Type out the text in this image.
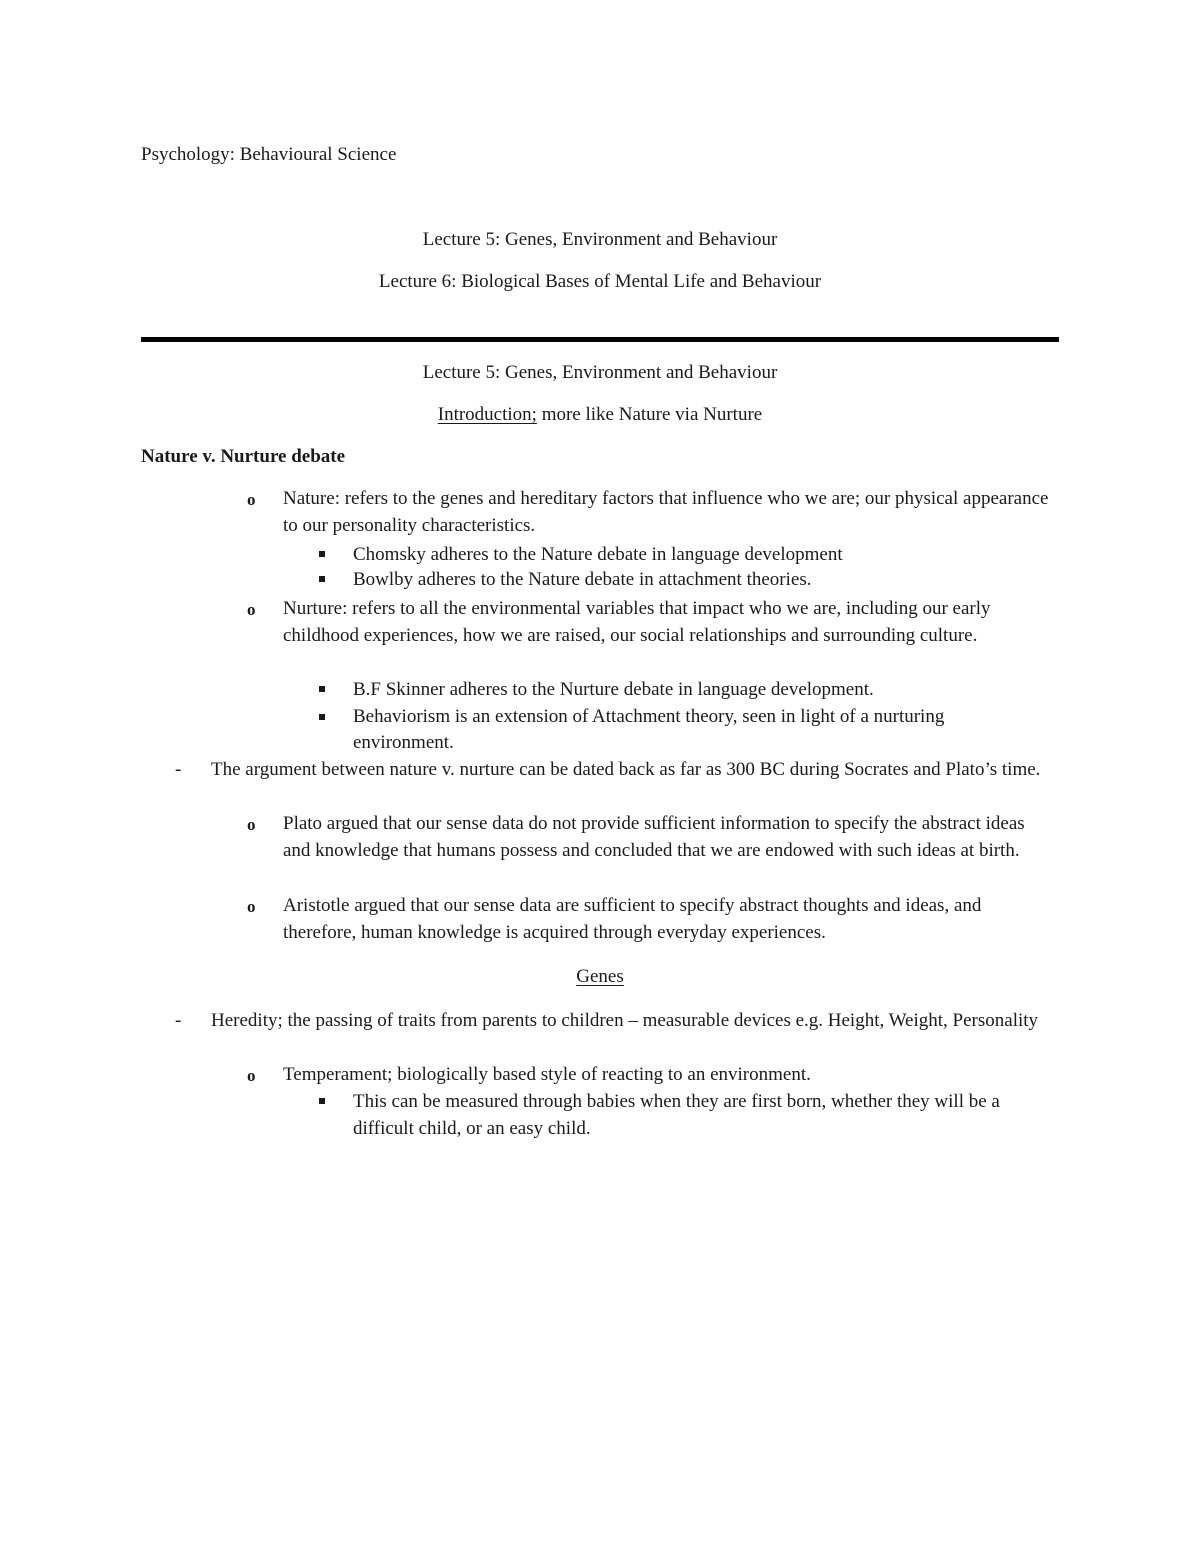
Psychology: Behavioural Science
Lecture 5: Genes, Environment and Behaviour
Lecture 6: Biological Bases of Mental Life and Behaviour
Lecture 5: Genes, Environment and Behaviour
Introduction; more like Nature via Nurture
Nature v. Nurture debate
o Nature: refers to the genes and hereditary factors that influence who we are; our physical appearance to our personality characteristics.
Chomsky adheres to the Nature debate in language development
Bowlby adheres to the Nature debate in attachment theories.
o Nurture: refers to all the environmental variables that impact who we are, including our early childhood experiences, how we are raised, our social relationships and surrounding culture.
B.F Skinner adheres to the Nurture debate in language development.
Behaviorism is an extension of Attachment theory, seen in light of a nurturing environment.
- The argument between nature v. nurture can be dated back as far as 300 BC during Socrates and Plato’s time.
o Plato argued that our sense data do not provide sufficient information to specify the abstract ideas and knowledge that humans possess and concluded that we are endowed with such ideas at birth.
o Aristotle argued that our sense data are sufficient to specify abstract thoughts and ideas, and therefore, human knowledge is acquired through everyday experiences.
Genes
- Heredity; the passing of traits from parents to children – measurable devices e.g. Height, Weight, Personality
o Temperament; biologically based style of reacting to an environment.
This can be measured through babies when they are first born, whether they will be a difficult child, or an easy child.
